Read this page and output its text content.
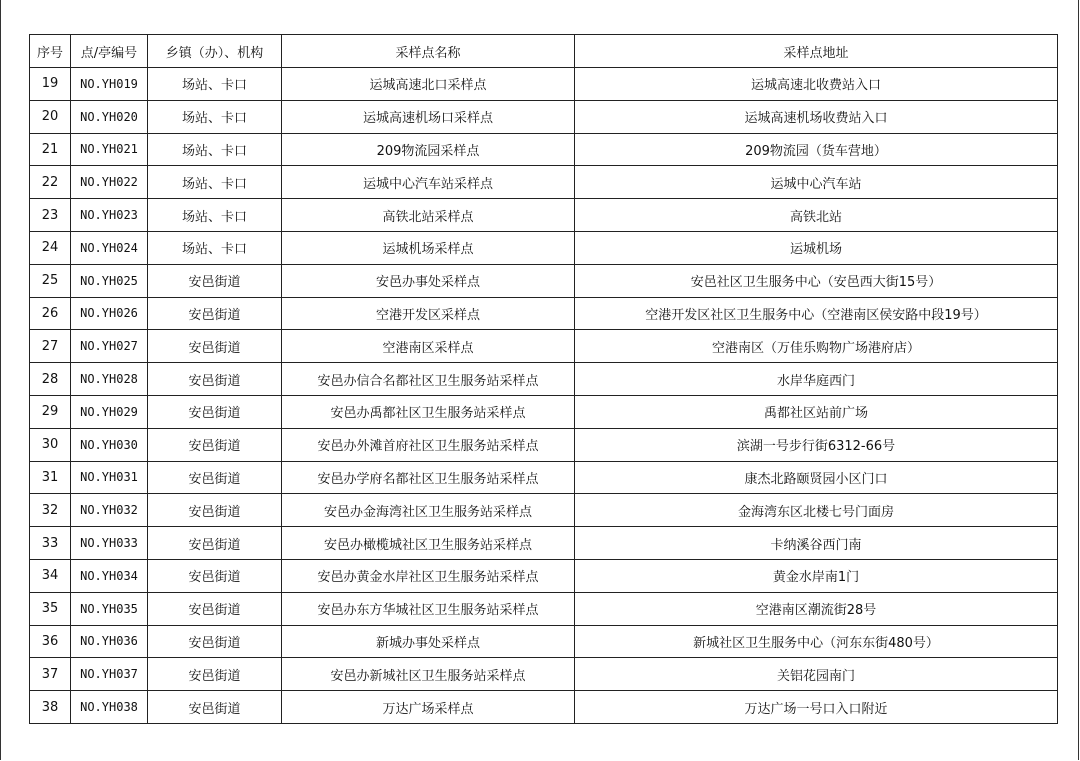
序号	点/亭编号	乡镇（办）、机构	采样点名称	采样点地址
19	NO.YH019	场站、卡口	运城高速北口采样点	运城高速北收费站入口
20	NO.YH020	场站、卡口	运城高速机场口采样点	运城高速机场收费站入口
21	NO.YH021	场站、卡口	209物流园采样点	209物流园（货车营地）
22	NO.YH022	场站、卡口	运城中心汽车站采样点	运城中心汽车站
23	NO.YH023	场站、卡口	高铁北站采样点	高铁北站
24	NO.YH024	场站、卡口	运城机场采样点	运城机场
25	NO.YH025	安邑街道	安邑办事处采样点	安邑社区卫生服务中心（安邑西大街15号）
26	NO.YH026	安邑街道	空港开发区采样点	空港开发区社区卫生服务中心（空港南区侯安路中段19号）
27	NO.YH027	安邑街道	空港南区采样点	空港南区（万佳乐购物广场港府店）
28	NO.YH028	安邑街道	安邑办信合名都社区卫生服务站采样点	水岸华庭西门
29	NO.YH029	安邑街道	安邑办禹都社区卫生服务站采样点	禹都社区站前广场
30	NO.YH030	安邑街道	安邑办外滩首府社区卫生服务站采样点	滨湖一号步行街6312-66号
31	NO.YH031	安邑街道	安邑办学府名都社区卫生服务站采样点	康杰北路颐贤园小区门口
32	NO.YH032	安邑街道	安邑办金海湾社区卫生服务站采样点	金海湾东区北楼七号门面房
33	NO.YH033	安邑街道	安邑办橄榄城社区卫生服务站采样点	卡纳溪谷西门南
34	NO.YH034	安邑街道	安邑办黄金水岸社区卫生服务站采样点	黄金水岸南1门
35	NO.YH035	安邑街道	安邑办东方华城社区卫生服务站采样点	空港南区潮流街28号
36	NO.YH036	安邑街道	新城办事处采样点	新城社区卫生服务中心（河东东街480号）
37	NO.YH037	安邑街道	安邑办新城社区卫生服务站采样点	关铝花园南门
38	NO.YH038	安邑街道	万达广场采样点	万达广场一号口入口附近
